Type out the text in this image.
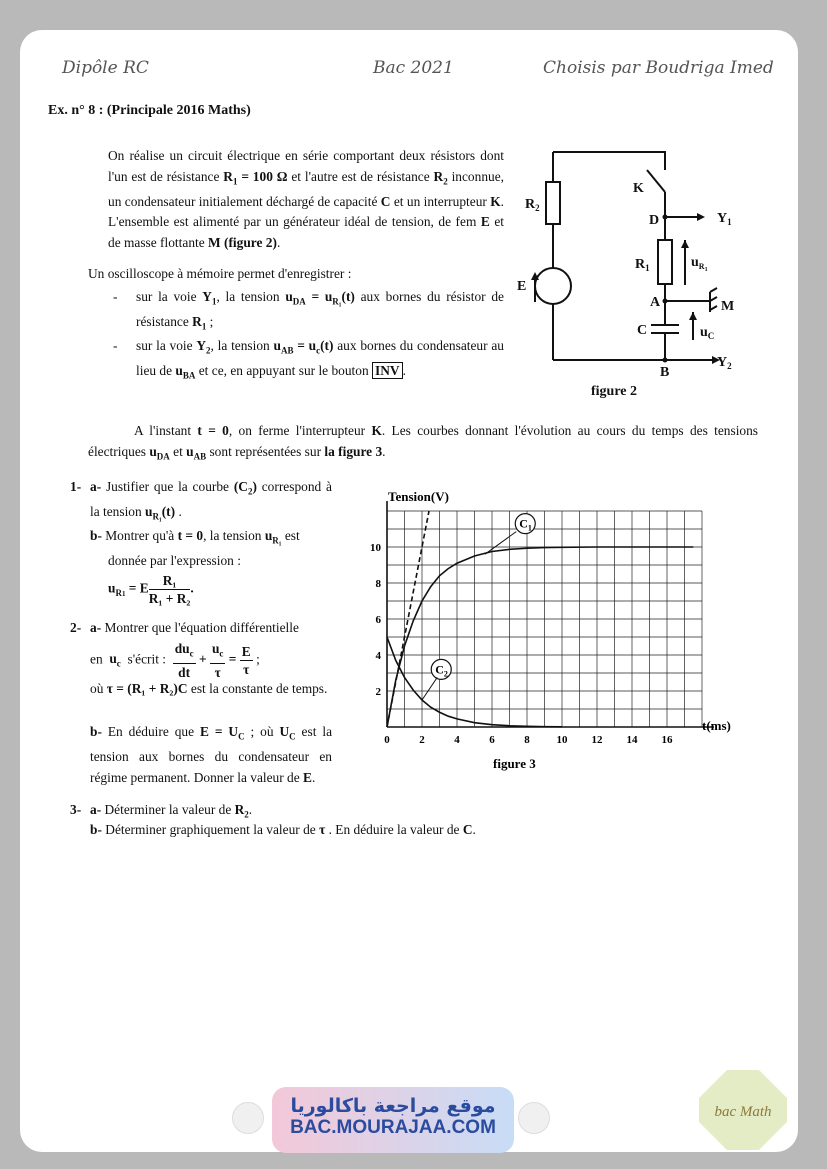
Dipôle RC	Bac 2021	Choisis par Boudriga Imed
Ex. n° 8 : (Principale 2016 Maths)
On réalise un circuit électrique en série comportant deux résistors dont l'un est de résistance $R_1 = 100$ Ω et l'autre est de résistance $R_2$ inconnue, un condensateur initialement déchargé de capacité C et un interrupteur K. L'ensemble est alimenté par un générateur idéal de tension, de fem E et de masse flottante M (figure 2).
Un oscilloscope à mémoire permet d'enregistrer :
- sur la voie $Y_1$, la tension $u_{DA} = u_{R_1}(t)$ aux bornes du résistor de résistance $R_1$ ;
- sur la voie $Y_2$, la tension $u_{AB} = u_c(t)$ aux bornes du condensateur au lieu de $u_{BA}$ et ce, en appuyant sur le bouton INV .
A l'instant t = 0, on ferme l'interrupteur K. Les courbes donnant l'évolution au cours du temps des tensions électriques $u_{DA}$ et $u_{AB}$ sont représentées sur la figure 3.
K
$R_2$
E
D	$Y_1$
$R_1$	$u_R1$
A	M
C	$u_C$
B
$Y_2$
figure 2
1- a- Justifier que la courbe $(C_2)$ correspond à la tension $u_{R_1}(t)$ .
b- Montrer qu'à t = 0, la tension $u_{R_1}$ est
donnée par l'expression :
$u_{R1} = E \frac{\text{R₁}}{\text{R₁ + R₂}}$ .
2- a- Montrer que l'équation différentielle
en $u_c$ s'écrit : $\frac{du_c}{dt} + \frac{u_c}{\tau} = \frac{E}{\tau}$ ;
où τ = (R₁ + R₂)C est la constante de temps.
b- En déduire que $E = U_C$ ; où $U_C$ est la tension aux bornes du condensateur en régime permanent. Donner la valeur de E.
3- a- Déterminer la valeur de $R_2$.
b- Déterminer graphiquement la valeur de τ . En déduire la valeur de C.
0	2	4	6	8 10 12 14 16
2
4
6
8
10
$C_1$
$C_2$
Tension(V)
t(ms)
figure 3
موقع مراجعة باكالوريا
BAC.MOURAJAA.COM
bac Math
